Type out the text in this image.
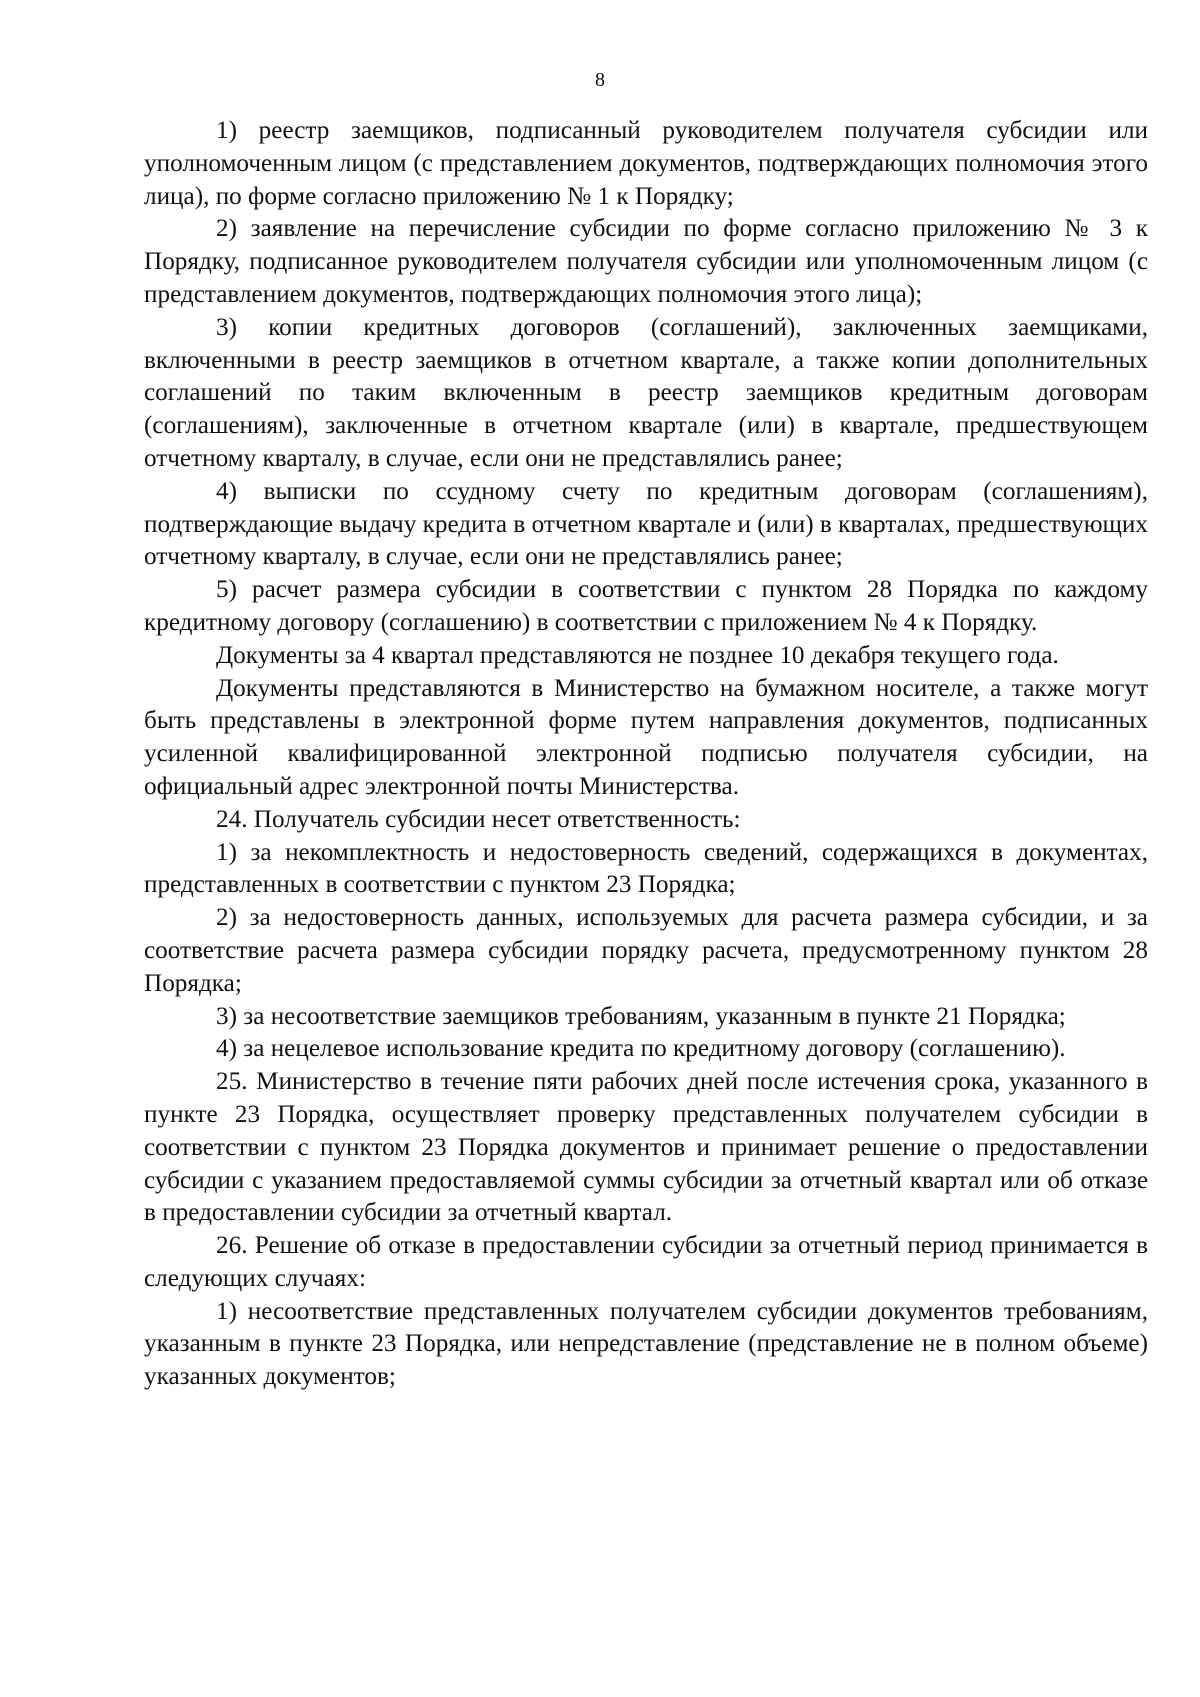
8

1) реестр заемщиков, подписанный руководителем получателя субсидии или уполномоченным лицом (с представлением документов, подтверждающих полномочия этого лица), по форме согласно приложению № 1 к Порядку;

2) заявление на перечисление субсидии по форме согласно приложению № 3 к Порядку, подписанное руководителем получателя субсидии или уполномоченным лицом (с представлением документов, подтверждающих полномочия этого лица);

3) копии кредитных договоров (соглашений), заключенных заемщиками, включенными в реестр заемщиков в отчетном квартале, а также копии дополнительных соглашений по таким включенным в реестр заемщиков кредитным договорам (соглашениям), заключенные в отчетном квартале (или) в квартале, предшествующем отчетному кварталу, в случае, если они не представлялись ранее;

4) выписки по ссудному счету по кредитным договорам (соглашениям), подтверждающие выдачу кредита в отчетном квартале и (или) в кварталах, предшествующих отчетному кварталу, в случае, если они не представлялись ранее;

5) расчет размера субсидии в соответствии с пунктом 28 Порядка по каждому кредитному договору (соглашению) в соответствии с приложением № 4 к Порядку.

Документы за 4 квартал представляются не позднее 10 декабря текущего года.

Документы представляются в Министерство на бумажном носителе, а также могут быть представлены в электронной форме путем направления документов, подписанных усиленной квалифицированной электронной подписью получателя субсидии, на официальный адрес электронной почты Министерства.

24. Получатель субсидии несет ответственность:

1) за некомплектность и недостоверность сведений, содержащихся в документах, представленных в соответствии с пунктом 23 Порядка;

2) за недостоверность данных, используемых для расчета размера субсидии, и за соответствие расчета размера субсидии порядку расчета, предусмотренному пунктом 28 Порядка;

3) за несоответствие заемщиков требованиям, указанным в пункте 21 Порядка;

4) за нецелевое использование кредита по кредитному договору (соглашению).

25. Министерство в течение пяти рабочих дней после истечения срока, указанного в пункте 23 Порядка, осуществляет проверку представленных получателем субсидии в соответствии с пунктом 23 Порядка документов и принимает решение о предоставлении субсидии с указанием предоставляемой суммы субсидии за отчетный квартал или об отказе в предоставлении субсидии за отчетный квартал.

26. Решение об отказе в предоставлении субсидии за отчетный период принимается в следующих случаях:

1) несоответствие представленных получателем субсидии документов требованиям, указанным в пункте 23 Порядка, или непредставление (представление не в полном объеме) указанных документов;
